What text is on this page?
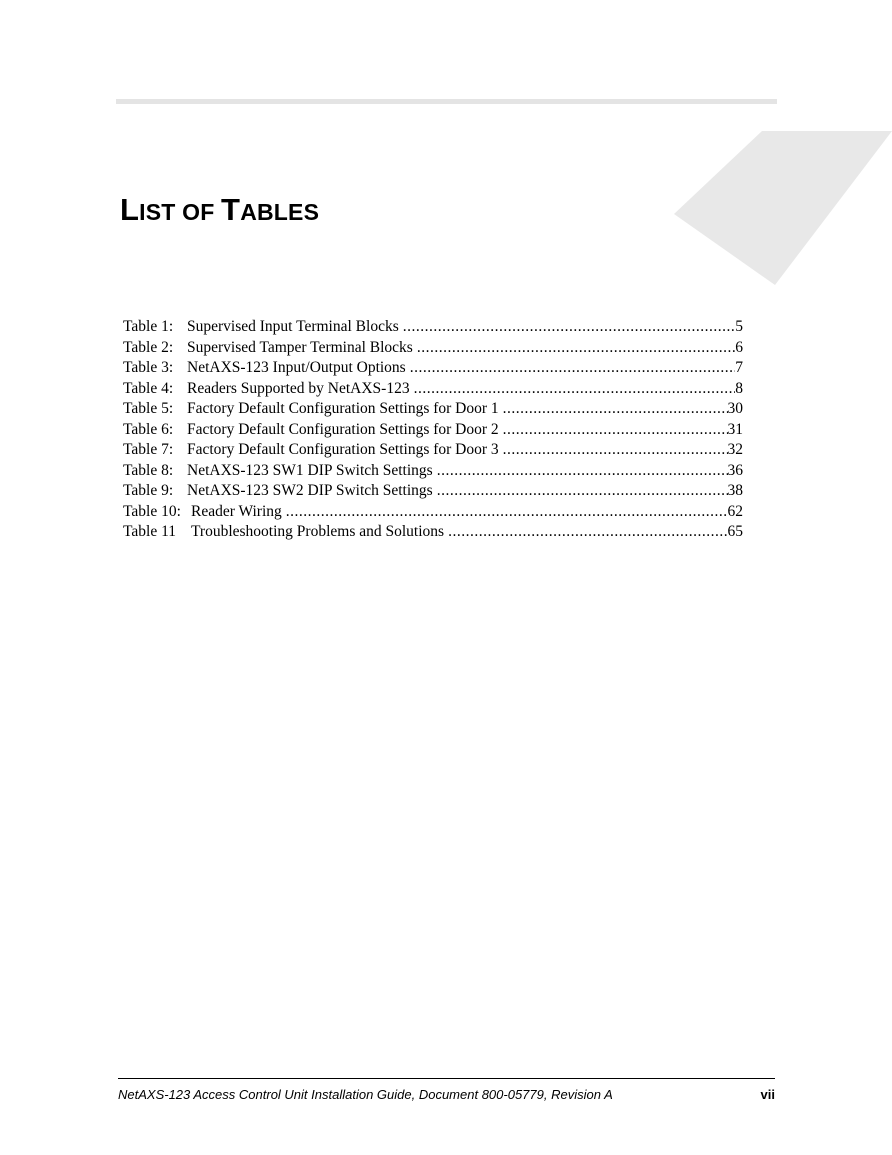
LIST OF TABLES
Table 1: Supervised Input Terminal Blocks .....	5
Table 2: Supervised Tamper Terminal Blocks .....	6
Table 3: NetAXS-123 Input/Output Options .....	7
Table 4: Readers Supported by NetAXS-123 .....	8
Table 5: Factory Default Configuration Settings for Door 1 .....	30
Table 6: Factory Default Configuration Settings for Door 2 .....	31
Table 7: Factory Default Configuration Settings for Door 3 .....	32
Table 8: NetAXS-123 SW1 DIP Switch Settings .....	36
Table 9: NetAXS-123 SW2 DIP Switch Settings .....	38
Table 10: Reader Wiring .....	62
Table 11 Troubleshooting Problems and Solutions .....	65
NetAXS-123 Access Control Unit Installation Guide, Document 800-05779, Revision A	vii
